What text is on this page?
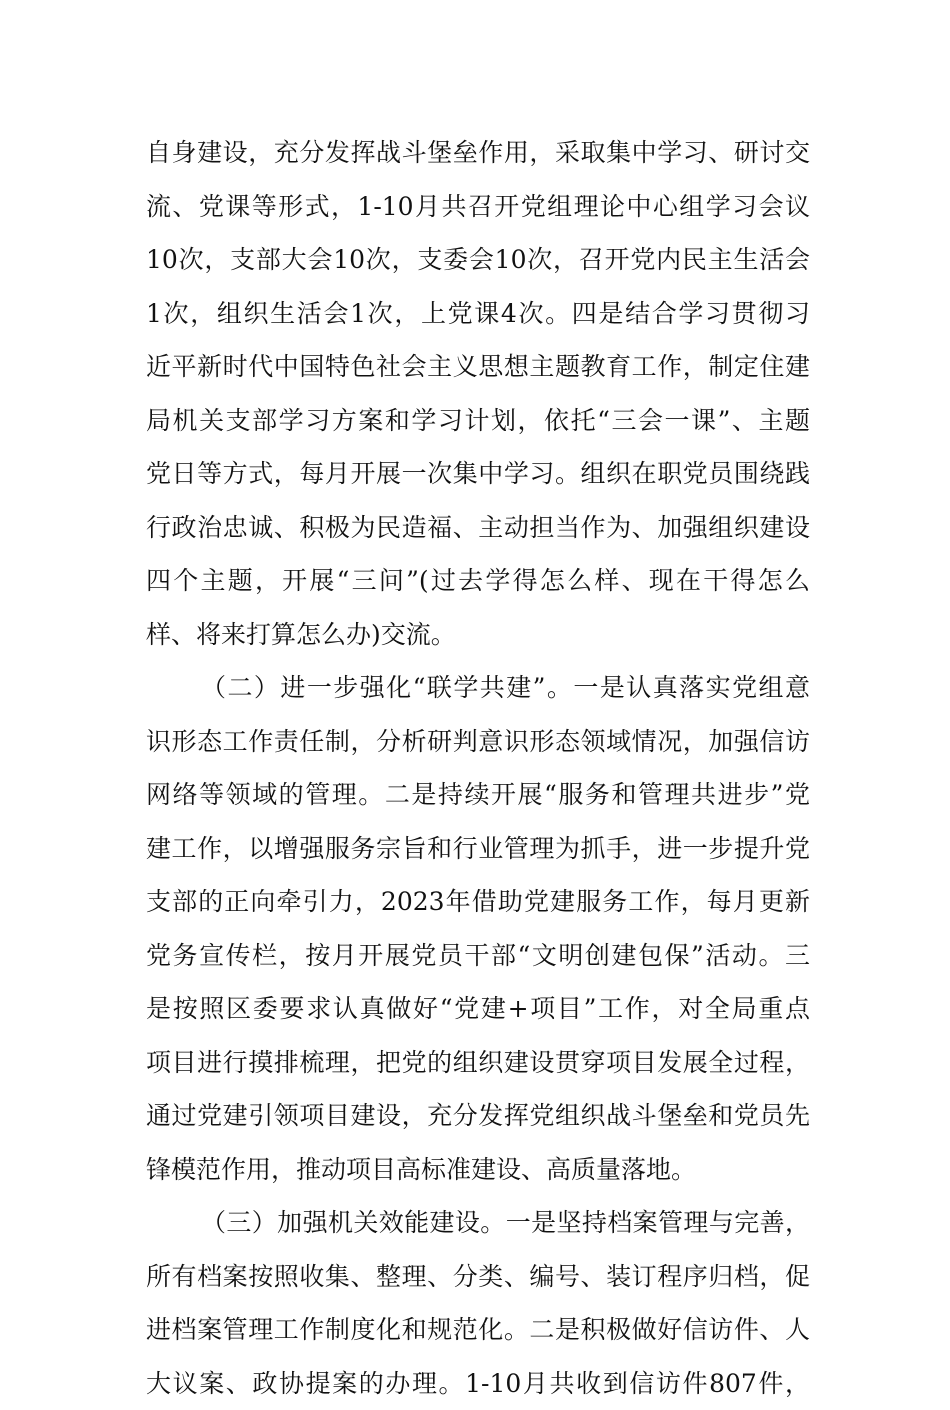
自身建设，充分发挥战斗堡垒作用，采取集中学习、研讨交
流、党课等形式，1-10月共召开党组理论中心组学习会议
10次，支部大会10次，支委会10次，召开党内民主生活会
1次，组织生活会1次，上党课4次。四是结合学习贯彻习
近平新时代中国特色社会主义思想主题教育工作，制定住建
局机关支部学习方案和学习计划，依托“三会一课”、主题
党日等方式，每月开展一次集中学习。组织在职党员围绕践
行政治忠诚、积极为民造福、主动担当作为、加强组织建设
四个主题，开展“三问”(过去学得怎么样、现在干得怎么
样、将来打算怎么办)交流。
（二）进一步强化“联学共建”。一是认真落实党组意
识形态工作责任制，分析研判意识形态领域情况，加强信访
网络等领域的管理。二是持续开展“服务和管理共进步”党
建工作，以增强服务宗旨和行业管理为抓手，进一步提升党
支部的正向牵引力，2023年借助党建服务工作，每月更新
党务宣传栏，按月开展党员干部“文明创建包保”活动。三
是按照区委要求认真做好“党建+项目”工作，对全局重点
项目进行摸排梳理，把党的组织建设贯穿项目发展全过程，
通过党建引领项目建设，充分发挥党组织战斗堡垒和党员先
锋模范作用，推动项目高标准建设、高质量落地。
（三）加强机关效能建设。一是坚持档案管理与完善，
所有档案按照收集、整理、分类、编号、装订程序归档，促
进档案管理工作制度化和规范化。二是积极做好信访件、人
大议案、政协提案的办理。1-10月共收到信访件807件，
